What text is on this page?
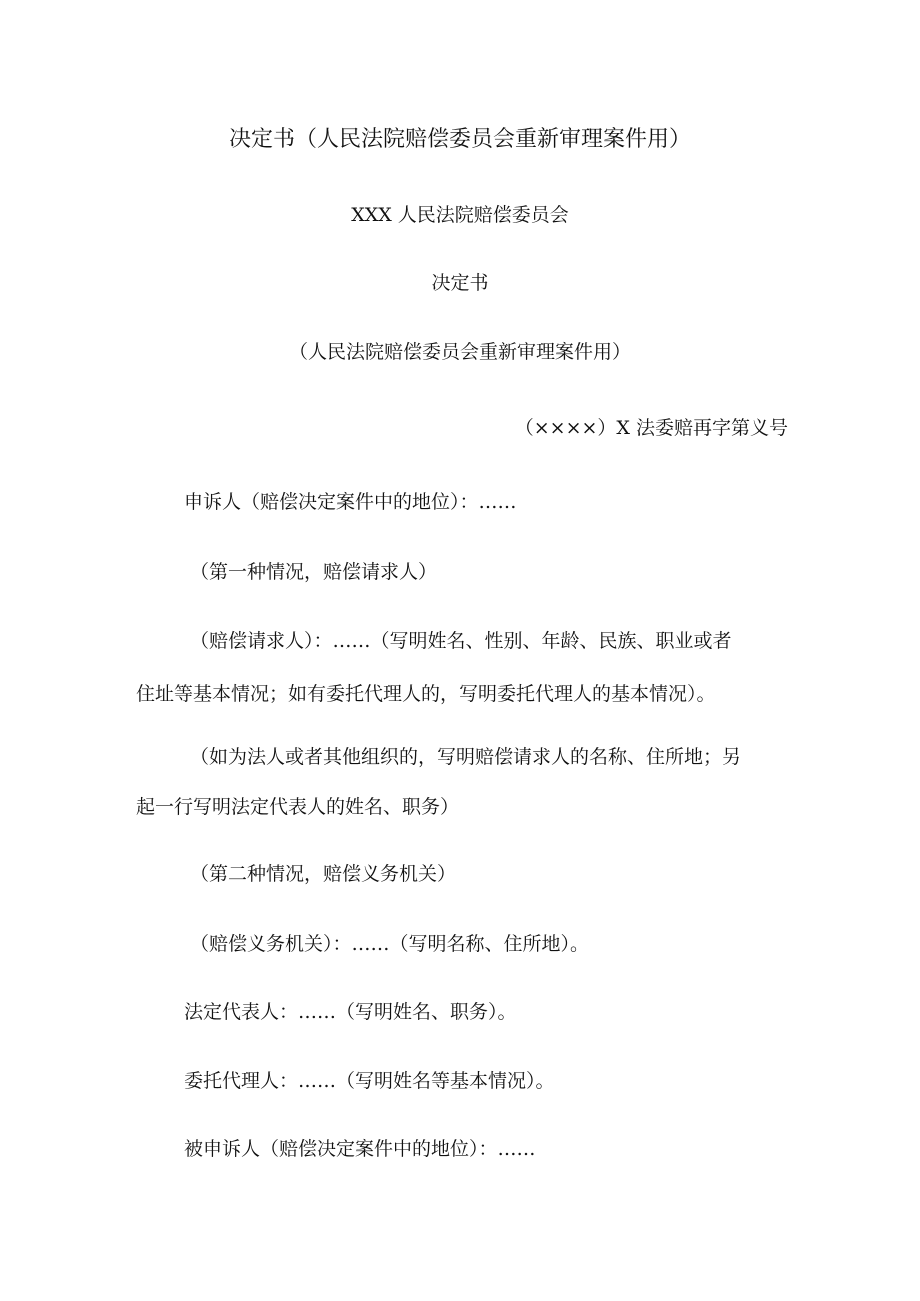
决定书（人民法院赔偿委员会重新审理案件用）
XXX 人民法院赔偿委员会
决定书
（人民法院赔偿委员会重新审理案件用）
（××××）X 法委赔再字第义号
申诉人（赔偿决定案件中的地位）：……
（第一种情况，赔偿请求人）
（赔偿请求人）：……（写明姓名、性别、年龄、民族、职业或者
住址等基本情况；如有委托代理人的，写明委托代理人的基本情况）。
（如为法人或者其他组织的，写明赔偿请求人的名称、住所地；另
起一行写明法定代表人的姓名、职务）
（第二种情况，赔偿义务机关）
（赔偿义务机关）：……（写明名称、住所地）。
法定代表人：……（写明姓名、职务）。
委托代理人：……（写明姓名等基本情况）。
被申诉人（赔偿决定案件中的地位）：……
